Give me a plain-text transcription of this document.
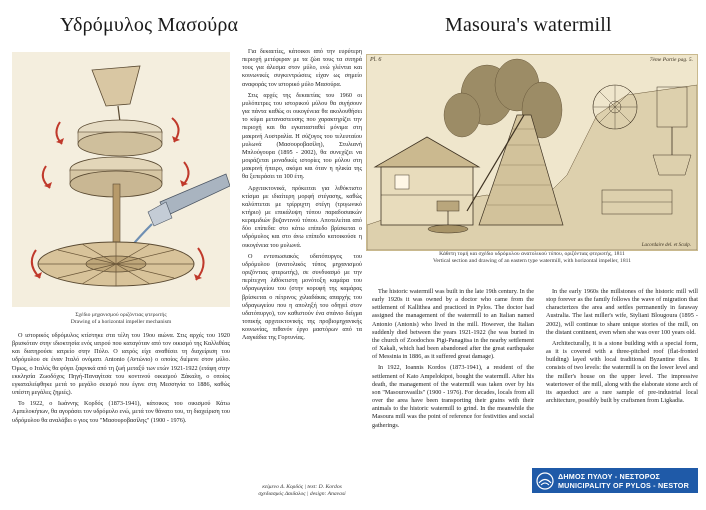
Υδρόμυλος Μασούρα	Masoura's watermill
Σχέδιο μηχανισμού οριζόντιας φτερωτής
Drawing of a horizontal impeller mechanism

Ο ιστορικός υδρόμυλος κτίστηκε στα τέλη του 19ου αιώνα. Στις αρχές του 1920 βρισκόταν στην ιδιοκτησία ενός ιατρού που καταγόταν από τον οικισμό της Καλλιθέας και διατηρούσε ιατρείο στην Πύλο. Ο ιατρός είχε αναθέσει τη διαχείριση του υδρόμυλου σε έναν Ιταλό ονόματι Antonio (Αντώνιο) ο οποίος διέμενε στον μύλο. Όμως, ο Ιταλός θα φύγει ξαφνικά από τη ζωή μεταξύ των ετών 1921-1922 (ετάφη στην εκκλησία Ζωοδόχος Πηγή-Παναγίτσα του κοντινού οικισμού Ξάκαλη, ο οποίος εγκαταλείφθηκε μετά το μεγάλο σεισμό που έγινε στη Μεσσηνία το 1886, καθώς υπέστη μεγάλες ζημιές).

Το 1922, ο Ιωάννης Κορδός (1873-1941), κάτοικος του οικισμού Κάτω Αμπελοκήπων, θα αγοράσει τον υδρόμυλο ενώ, μετά τον θάνατο του, τη διαχείριση του υδρόμυλου θα αναλάβει ο γιος του "Μασουροβασίλης" (1900 - 1976).

Για δεκαετίες, κάτοικοι από την ευρύτερη περιοχή μετέφεραν με τα ζώα τους τα σιτηρά τους για άλεσμα στον μύλο, ενώ γλέντια και κοινωνικές συγκεντρώσεις είχαν ως σημείο αναφοράς τον ιστορικό μύλο Μασούρα.

Στις αρχές της δεκαετίας του 1960 οι μυλόπετρες του ιστορικού μύλου θα σιγήσουν για πάντα καθώς οι οικογένεια θα ακολουθήσει το κύμα μεταναστευσης που χαρακτηρίζει την περιοχή και θα εγκατασταθεί μόνιμα στη μακρινή Αυστραλία. Η σύζυγος του τελευταίου μυλωνά (Μασουροβασίλη), Στυλιανή Μπλούγουρα (1895 - 2002), θα συνεχίζει να μοιράζεται μοναδικές ιστορίες του μύλου στη μακρινή ήπειρο, ακόμα και όταν η ηλικία της θα ξεπεράσει τα 100 έτη.

Αρχιτεκτονικά, πρόκειται για λιθόκτιστο κτίσμα με ιδιαίτερη μορφή στέγασης, καθώς καλύπτεται με τρίρριχτη στέγη (τριγωνικό κτήριο) με επικάλυψη τύπου παραδοσιακών κεραμιδιών βυζαντινού τύπου. Αποτελείται από δύο επίπεδα: στο κάτω επίπεδο βρίσκεται ο υδρόμυλος και στο άνω επίπεδο κατοικούσε η οικογένεια του μυλωνά.

Ο εντυπωσιακός υδατόπυργος του υδρόμυλου (ανατολικός τύπος μηχανισμού οριζόντιας φτερωτής), σε συνδυασμό με την περίτεχνη λιθόκτιστη μονότοξη καμάρα του υδραγωγείου του (στην κορυφή της καμάρας βρίσκεται ο πέτρινος χιλιαδάκας απαρχής του υδραγωγείου που η αποληξή του οδηγεί στον υδατόπυργο), τον καθιστούν ένα σπάνιο δείγμα τοπικής αρχιτεκτονικής της προβιομηχανικής κοινωνίας, πιθανόν έργο μαστόρων από τα Λαγκάδια της Γορτυνίας.

κείμενο Δ. Κορδός | text: D. Kordos
σχεδιασμός Δαιδαλος | design: Anavasi
Pl. 6	7ème Partie pag. 5.
Lacordaire del. et Sculp.
Κάθετη τομή και σχέδιο υδρόμυλου ανατολικού τύπου, οριζόντιας φτερωτής, 1811
Vertical section and drawing of an eastern type watermill, with horizontal impeller, 1811

The historic watermill was built in the late 19th century. In the early 1920s it was owned by a doctor who came from the settlement of Kallithea and practiced in Pylos. The doctor had assigned the management of the watermill to an Italian named Antonio (Antonis) who lived in the mill. However, the Italian suddenly died between the years 1921-1922 (he was buried in the church of Zoodochos Pigi-Panagitsa in the nearby settlement of Xakali, which had been abandoned after the great earthquake of Messinia in 1886, as it suffered great damage).

In 1922, Ioannis Kordos (1873-1941), a resident of the settlement of Kato Ampelokipoi, bought the watermill. After his death, the management of the watermill was taken over by his son "Masourovasilis" (1900 - 1976). For decades, locals from all over the area have been transporting their grains with their animals to the historic watermill to grind. In the meanwhile the Masoura mill was the point of reference for festivities and social gatherings.

In the early 1960s the millstones of the historic mill will stop forever as the family follows the wave of migration that characterizes the area and settles permanently in faraway Australia. The last miller's wife, Styliani Blougoura (1895 - 2002), will continue to share unique stories of the mill, on the distant continent, even when she was over 100 years old.

Architecturally, it is a stone building with a special form, as it is covered with a three-pitched roof (flat-fronted building) layed with local traditional Byzantine tiles. It consists of two levels: the watermill is on the lower level and the miller's house on the upper level. The impressive watertower of the mill, along with the elaborate stone arch of its aqueduct are a rare sample of pre-industrial local architecture, possibly built by craftsmen from Ligkadia.

ΔΗΜΟΣ ΠΥΛΟΥ - ΝΕΣΤΟΡΟΣ
MUNICIPALITY OF PYLOS - NESTOR
